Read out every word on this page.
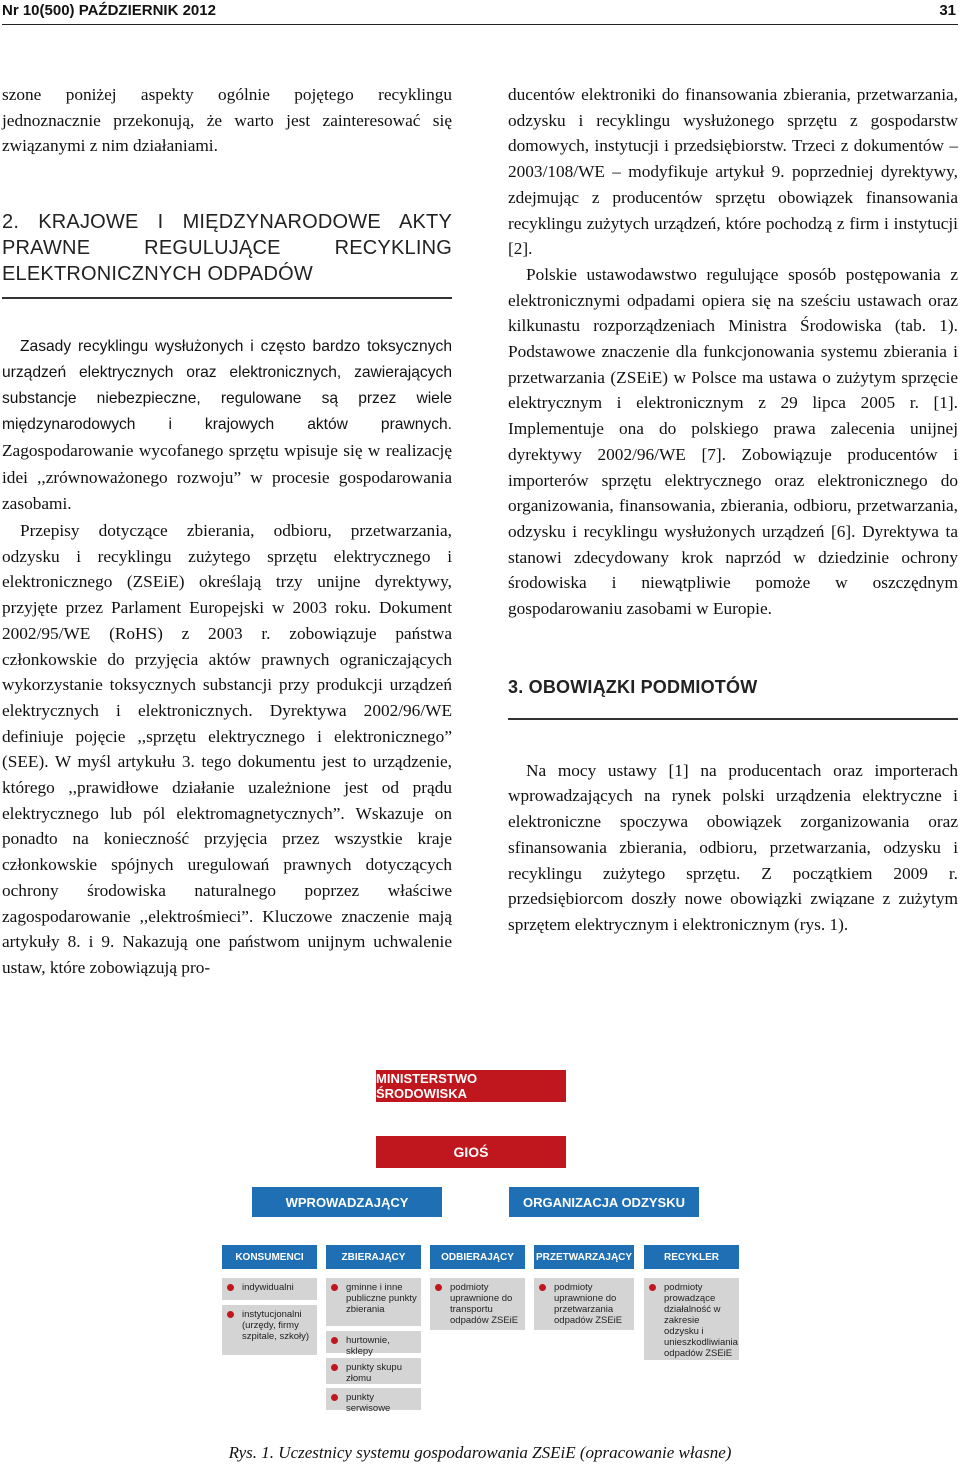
Nr 10(500) PAŹDZIERNIK 2012	31

szone poniżej aspekty ogólnie pojętego recyklingu jednoznacznie przekonują, że warto jest zainteresować się związanymi z nim działaniami.

2. KRAJOWE I MIĘDZYNARODOWE AKTY PRAWNE REGULUJĄCE RECYKLING ELEKTRONICZNYCH ODPADÓW

Zasady recyklingu wysłużonych i często bardzo toksycznych urządzeń elektrycznych oraz elektronicznych, zawierających substancje niebezpieczne, regulowane są przez wiele międzynarodowych i krajowych aktów prawnych. Zagospodarowanie wycofanego sprzętu wpisuje się w realizację idei ,,zrównoważonego rozwoju” w procesie gospodarowania zasobami.

Przepisy dotyczące zbierania, odbioru, przetwarzania, odzysku i recyklingu zużytego sprzętu elektrycznego i elektronicznego (ZSEiE) określają trzy unijne dyrektywy, przyjęte przez Parlament Europejski w 2003 roku. Dokument 2002/95/WE (RoHS) z 2003 r. zobowiązuje państwa członkowskie do przyjęcia aktów prawnych ograniczających wykorzystanie toksycznych substancji przy produkcji urządzeń elektrycznych i elektronicznych. Dyrektywa 2002/96/WE definiuje pojęcie ,,sprzętu elektrycznego i elektronicznego” (SEE). W myśl artykułu 3. tego dokumentu jest to urządzenie, którego ,,prawidłowe działanie uzależnione jest od prądu elektrycznego lub pól elektromagnetycznych”. Wskazuje on ponadto na konieczność przyjęcia przez wszystkie kraje członkowskie spójnych uregulowań prawnych dotyczących ochrony środowiska naturalnego poprzez właściwe zagospodarowanie ,,elektrośmieci”. Kluczowe znaczenie mają artykuły 8. i 9. Nakazują one państwom unijnym uchwalenie ustaw, które zobowiązują pro-

ducentów elektroniki do finansowania zbierania, przetwarzania, odzysku i recyklingu wysłużonego sprzętu z gospodarstw domowych, instytucji i przedsiębiorstw. Trzeci z dokumentów – 2003/108/WE – modyfikuje artykuł 9. poprzedniej dyrektywy, zdejmując z producentów sprzętu obowiązek finansowania recyklingu zużytych urządzeń, które pochodzą z firm i instytucji [2].

Polskie ustawodawstwo regulujące sposób postępowania z elektronicznymi odpadami opiera się na sześciu ustawach oraz kilkunastu rozporządzeniach Ministra Środowiska (tab. 1). Podstawowe znaczenie dla funkcjonowania systemu zbierania i przetwarzania (ZSEiE) w Polsce ma ustawa o zużytym sprzęcie elektrycznym i elektronicznym z 29 lipca 2005 r. [1]. Implementuje ona do polskiego prawa zalecenia unijnej dyrektywy 2002/96/WE [7]. Zobowiązuje producentów i importerów sprzętu elektrycznego oraz elektronicznego do organizowania, finansowania, zbierania, odbioru, przetwarzania, odzysku i recyklingu wysłużonych urządzeń [6]. Dyrektywa ta stanowi zdecydowany krok naprzód w dziedzinie ochrony środowiska i niewątpliwie pomoże w oszczędnym gospodarowaniu zasobami w Europie.

3. OBOWIĄZKI PODMIOTÓW

Na mocy ustawy [1] na producentach oraz importerach wprowadzających na rynek polski urządzenia elektryczne i elektroniczne spoczywa obowiązek zorganizowania oraz sfinansowania zbierania, odbioru, przetwarzania, odzysku i recyklingu zużytego sprzętu. Z początkiem 2009 r. przedsiębiorcom doszły nowe obowiązki związane z zużytym sprzętem elektrycznym i elektronicznym (rys. 1).

MINISTERSTWO ŚRODOWISKA
GIOŚ
WPROWADZAJĄCY	ORGANIZACJA ODZYSKU
KONSUMENCI	ZBIERAJĄCY	ODBIERAJĄCY	PRZETWARZAJĄCY	RECYKLER
indywidualni
instytucjonalni (urzędy, firmy szpitale, szkoły)
gminne i inne publiczne punkty zbierania
hurtownie, sklepy
punkty skupu złomu
punkty serwisowe
podmioty uprawnione do transportu odpadów ZSEiE
podmioty uprawnione do przetwarzania odpadów ZSEiE
podmioty prowadzące działalność w zakresie odzysku i unieszkodliwiania odpadów ZSEiE
Rys. 1. Uczestnicy systemu gospodarowania ZSEiE (opracowanie własne)
